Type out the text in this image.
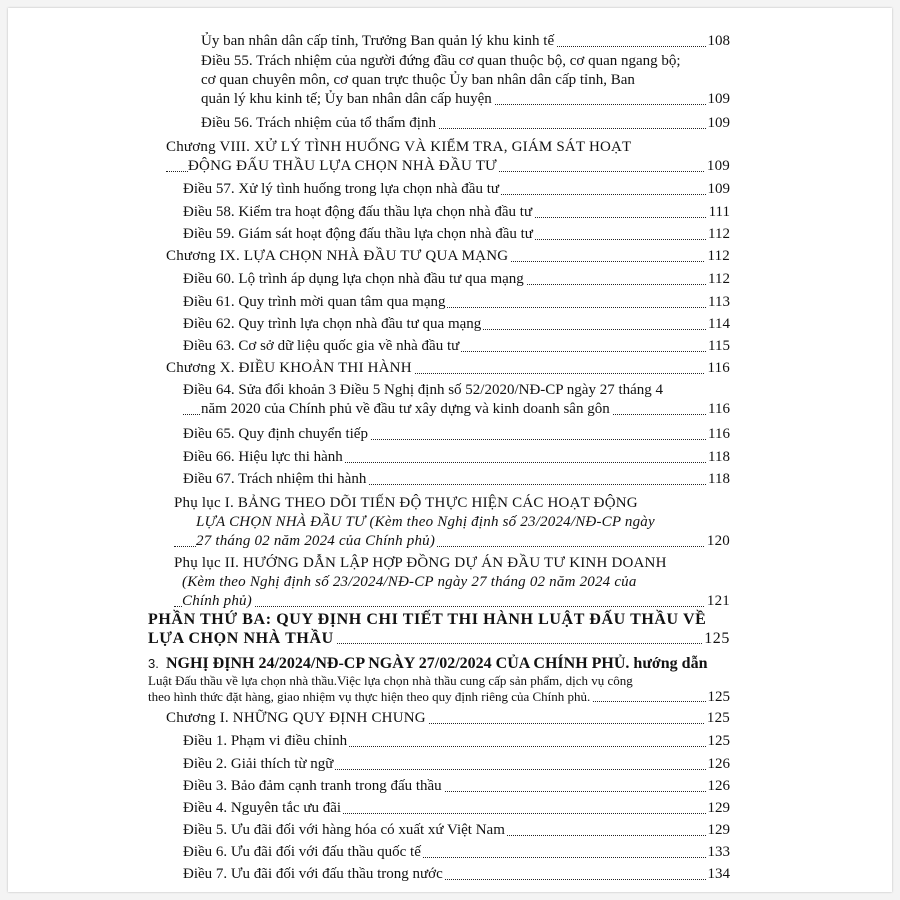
Ủy ban nhân dân cấp tỉnh, Trưởng Ban quản lý khu kinh tế	108
Điều 55. Trách nhiệm của người đứng đầu cơ quan thuộc bộ, cơ quan ngang bộ;
cơ quan chuyên môn, cơ quan trực thuộc Ủy ban nhân dân cấp tỉnh, Ban
quản lý khu kinh tế; Ủy ban nhân dân cấp huyện	109
Điều 56. Trách nhiệm của tổ thẩm định	109
Chương VIII. XỬ LÝ TÌNH HUỐNG VÀ KIỂM TRA, GIÁM SÁT HOẠT
ĐỘNG ĐẤU THẦU LỰA CHỌN NHÀ ĐẦU TƯ	109
Điều 57. Xử lý tình huống trong lựa chọn nhà đầu tư	109
Điều 58. Kiểm tra hoạt động đấu thầu lựa chọn nhà đầu tư	111
Điều 59. Giám sát hoạt động đấu thầu lựa chọn nhà đầu tư	112
Chương IX. LỰA CHỌN NHÀ ĐẦU TƯ QUA MẠNG	112
Điều 60. Lộ trình áp dụng lựa chọn nhà đầu tư qua mạng	112
Điều 61. Quy trình mời quan tâm qua mạng	113
Điều 62. Quy trình lựa chọn nhà đầu tư qua mạng	114
Điều 63. Cơ sở dữ liệu quốc gia về nhà đầu tư	115
Chương X. ĐIỀU KHOẢN THI HÀNH	116
Điều 64. Sửa đổi khoản 3 Điều 5 Nghị định số 52/2020/NĐ-CP ngày 27 tháng 4
năm 2020 của Chính phủ về đầu tư xây dựng và kinh doanh sân gôn	116
Điều 65. Quy định chuyển tiếp	116
Điều 66. Hiệu lực thi hành	118
Điều 67. Trách nhiệm thi hành	118
Phụ lục I. BẢNG THEO DÕI TIẾN ĐỘ THỰC HIỆN CÁC HOẠT ĐỘNG
LỰA CHỌN NHÀ ĐẦU TƯ (Kèm theo Nghị định số 23/2024/NĐ-CP ngày
27 tháng 02 năm 2024 của Chính phủ)	120
Phụ lục II. HƯỚNG DẪN LẬP HỢP ĐỒNG DỰ ÁN ĐẦU TƯ KINH DOANH
(Kèm theo Nghị định số 23/2024/NĐ-CP ngày 27 tháng 02 năm 2024 của
Chính phủ)	121
PHẦN THỨ BA: QUY ĐỊNH CHI TIẾT THI HÀNH LUẬT ĐẤU THẦU VỀ
LỰA CHỌN NHÀ THẦU	125
3. NGHỊ ĐỊNH 24/2024/NĐ-CP NGÀY 27/02/2024 CỦA CHÍNH PHỦ. hướng dẫn
Luật Đấu thầu về lựa chọn nhà thầu.Việc lựa chọn nhà thầu cung cấp sản phẩm, dịch vụ công
theo hình thức đặt hàng, giao nhiệm vụ thực hiện theo quy định riêng của Chính phủ.	125
Chương I. NHỮNG QUY ĐỊNH CHUNG	125
Điều 1. Phạm vi điều chỉnh	125
Điều 2. Giải thích từ ngữ	126
Điều 3. Bảo đảm cạnh tranh trong đấu thầu	126
Điều 4. Nguyên tắc ưu đãi	129
Điều 5. Ưu đãi đối với hàng hóa có xuất xứ Việt Nam	129
Điều 6. Ưu đãi đối với đấu thầu quốc tế	133
Điều 7. Ưu đãi đối với đấu thầu trong nước	134
